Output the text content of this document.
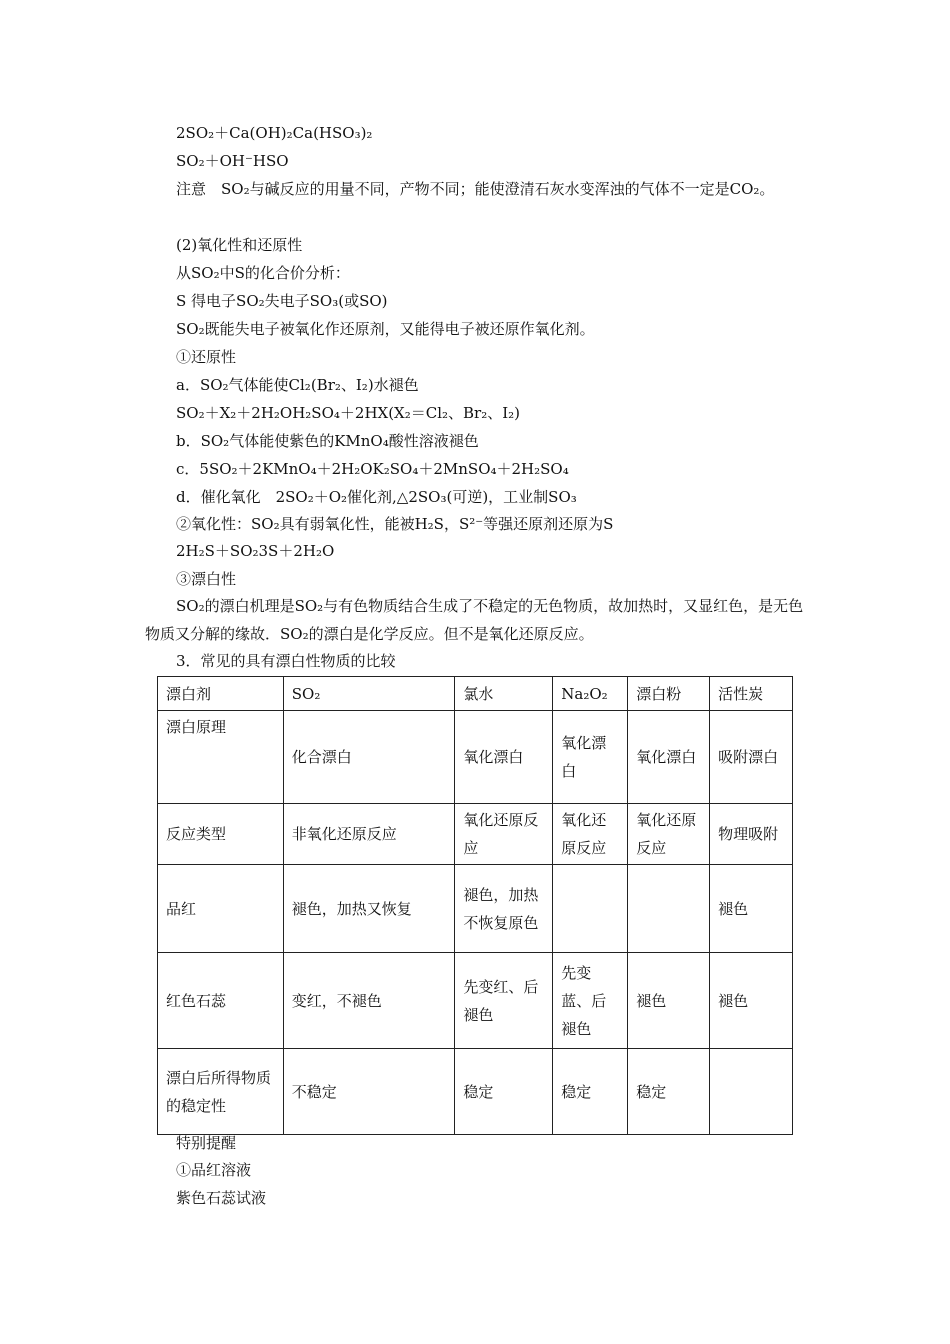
2SO₂＋Ca(OH)₂Ca(HSO₃)₂
SO₂＋OH⁻HSO
注意　SO₂与碱反应的用量不同，产物不同；能使澄清石灰水变浑浊的气体不一定是CO₂。
(2)氧化性和还原性
从SO₂中S的化合价分析：
S 得电子SO₂失电子SO₃(或SO)
SO₂既能失电子被氧化作还原剂，又能得电子被还原作氧化剂。
①还原性
a．SO₂气体能使Cl₂(Br₂、I₂)水褪色
SO₂＋X₂＋2H₂OH₂SO₄＋2HX(X₂＝Cl₂、Br₂、I₂)
b．SO₂气体能使紫色的KMnO₄酸性溶液褪色
c．5SO₂＋2KMnO₄＋2H₂OK₂SO₄＋2MnSO₄＋2H₂SO₄
d．催化氧化　2SO₂＋O₂催化剂,△2SO₃(可逆)，工业制SO₃
②氧化性：SO₂具有弱氧化性，能被H₂S，S²⁻等强还原剂还原为S
2H₂S＋SO₂3S＋2H₂O
③漂白性
SO₂的漂白机理是SO₂与有色物质结合生成了不稳定的无色物质，故加热时，又显红色，是无色物质又分解的缘故．SO₂的漂白是化学反应。但不是氧化还原反应。
3．常见的具有漂白性物质的比较
漂白剂	SO₂	氯水	Na₂O₂	漂白粉	活性炭
漂白原理	化合漂白	氧化漂白	氧化漂白	氧化漂白	吸附漂白
反应类型	非氧化还原反应	氧化还原反应	氧化还原反应	氧化还原反应	物理吸附
品红	褪色，加热又恢复	褪色，加热不恢复原色			褪色
红色石蕊	变红，不褪色	先变红、后褪色	先变蓝、后褪色	褪色	褪色
漂白后所得物质的稳定性	不稳定	稳定	稳定	稳定	
特别提醒
①品红溶液
紫色石蕊试液
